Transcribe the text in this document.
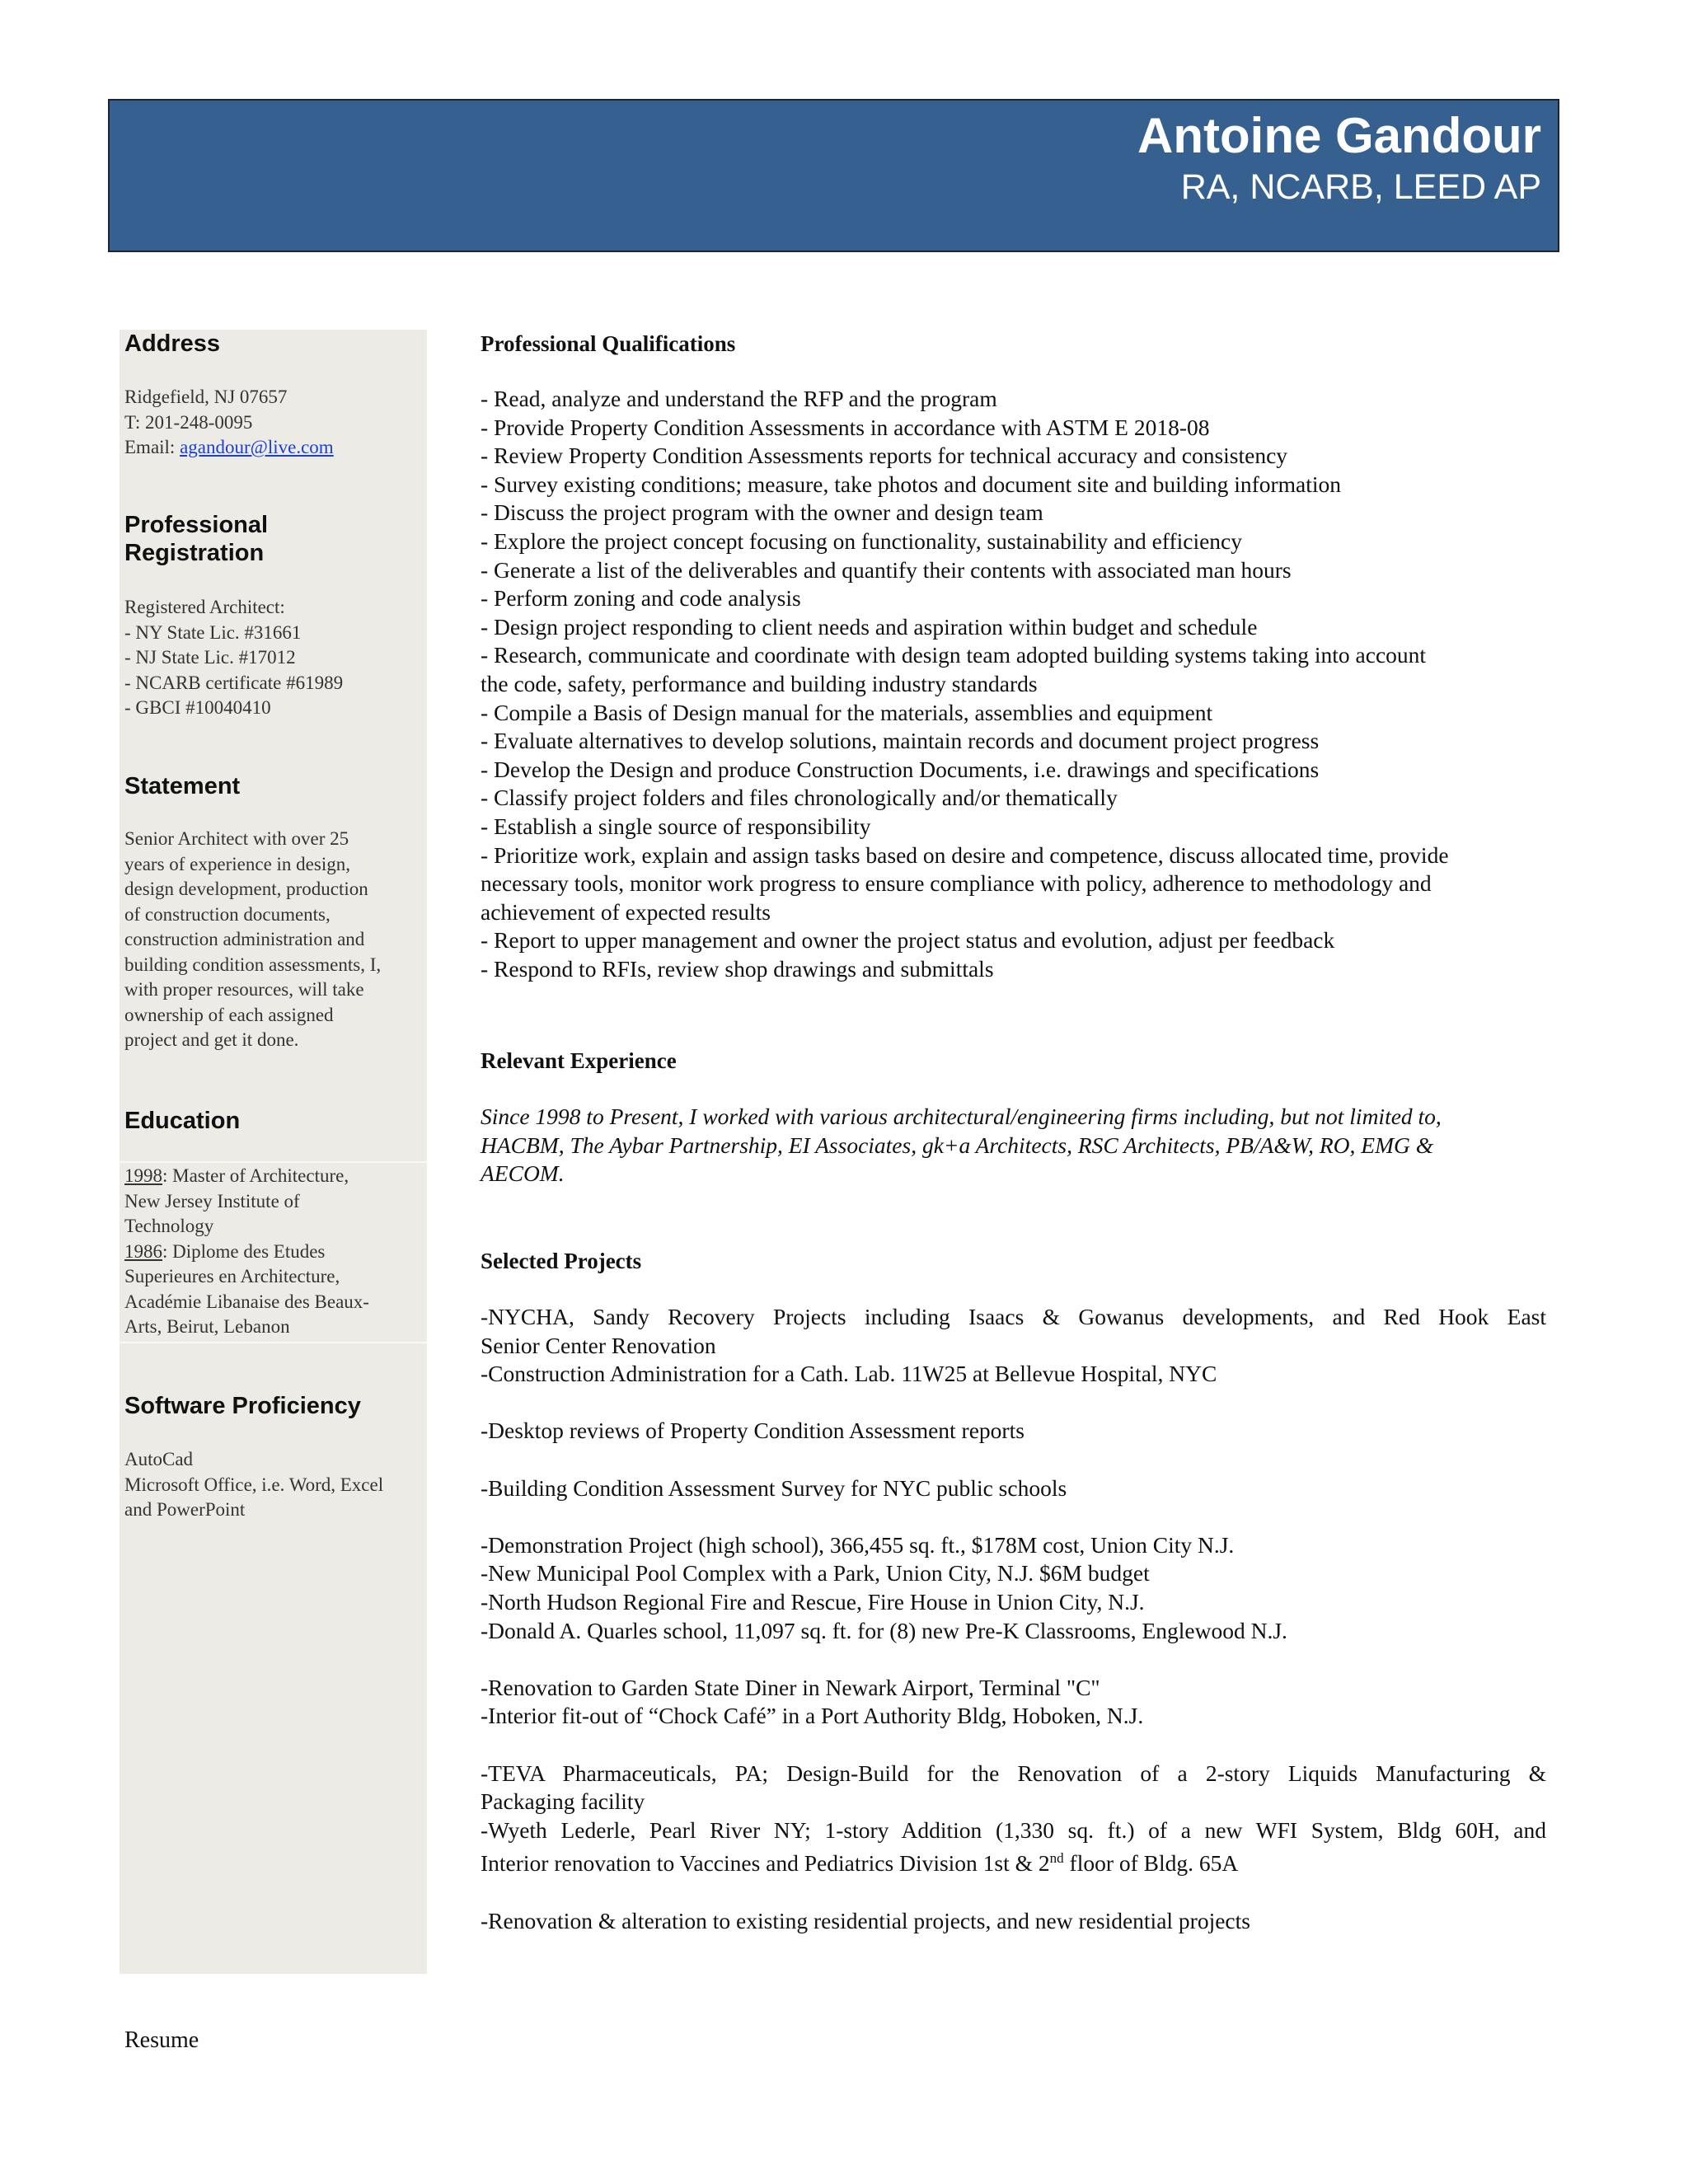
Antoine Gandour
RA, NCARB, LEED AP
Address
Ridgefield, NJ 07657
T: 201-248-0095
Email: agandour@live.com
Professional
Registration
Registered Architect:
- NY State Lic. #31661
- NJ State Lic. #17012
- NCARB certificate #61989
- GBCI #10040410
Statement
Senior Architect with over 25
years of experience in design,
design development, production
of construction documents,
construction administration and
building condition assessments, I,
with proper resources, will take
ownership of each assigned
project and get it done.
Education
1998: Master of Architecture,
New Jersey Institute of
Technology
1986: Diplome des Etudes
Superieures en Architecture,
Académie Libanaise des Beaux-
Arts, Beirut, Lebanon
Software Proficiency
AutoCad
Microsoft Office, i.e. Word, Excel
and PowerPoint
Professional Qualifications
- Read, analyze and understand the RFP and the program
- Provide Property Condition Assessments in accordance with ASTM E 2018-08
- Review Property Condition Assessments reports for technical accuracy and consistency
- Survey existing conditions; measure, take photos and document site and building information
- Discuss the project program with the owner and design team
- Explore the project concept focusing on functionality, sustainability and efficiency
- Generate a list of the deliverables and quantify their contents with associated man hours
- Perform zoning and code analysis
- Design project responding to client needs and aspiration within budget and schedule
- Research, communicate and coordinate with design team adopted building systems taking into account
the code, safety, performance and building industry standards
- Compile a Basis of Design manual for the materials, assemblies and equipment
- Evaluate alternatives to develop solutions, maintain records and document project progress
- Develop the Design and produce Construction Documents, i.e. drawings and specifications
- Classify project folders and files chronologically and/or thematically
- Establish a single source of responsibility
- Prioritize work, explain and assign tasks based on desire and competence, discuss allocated time, provide
necessary tools, monitor work progress to ensure compliance with policy, adherence to methodology and
achievement of expected results
- Report to upper management and owner the project status and evolution, adjust per feedback
- Respond to RFIs, review shop drawings and submittals
Relevant Experience
Since 1998 to Present, I worked with various architectural/engineering firms including, but not limited to,
HACBM, The Aybar Partnership, EI Associates, gk+a Architects, RSC Architects, PB/A&W, RO, EMG &
AECOM.
Selected Projects
-NYCHA, Sandy Recovery Projects including Isaacs & Gowanus developments, and Red Hook East
Senior Center Renovation
-Construction Administration for a Cath. Lab. 11W25 at Bellevue Hospital, NYC
-Desktop reviews of Property Condition Assessment reports
-Building Condition Assessment Survey for NYC public schools
-Demonstration Project (high school), 366,455 sq. ft., $178M cost, Union City N.J.
-New Municipal Pool Complex with a Park, Union City, N.J. $6M budget
-North Hudson Regional Fire and Rescue, Fire House in Union City, N.J.
-Donald A. Quarles school, 11,097 sq. ft. for (8) new Pre-K Classrooms, Englewood N.J.
-Renovation to Garden State Diner in Newark Airport, Terminal "C"
-Interior fit-out of “Chock Café” in a Port Authority Bldg, Hoboken, N.J.
-TEVA Pharmaceuticals, PA; Design-Build for the Renovation of a 2-story Liquids Manufacturing &
Packaging facility
-Wyeth Lederle, Pearl River NY; 1-story Addition (1,330 sq. ft.) of a new WFI System, Bldg 60H, and
Interior renovation to Vaccines and Pediatrics Division 1st & 2nd floor of Bldg. 65A
-Renovation & alteration to existing residential projects, and new residential projects
Resume
